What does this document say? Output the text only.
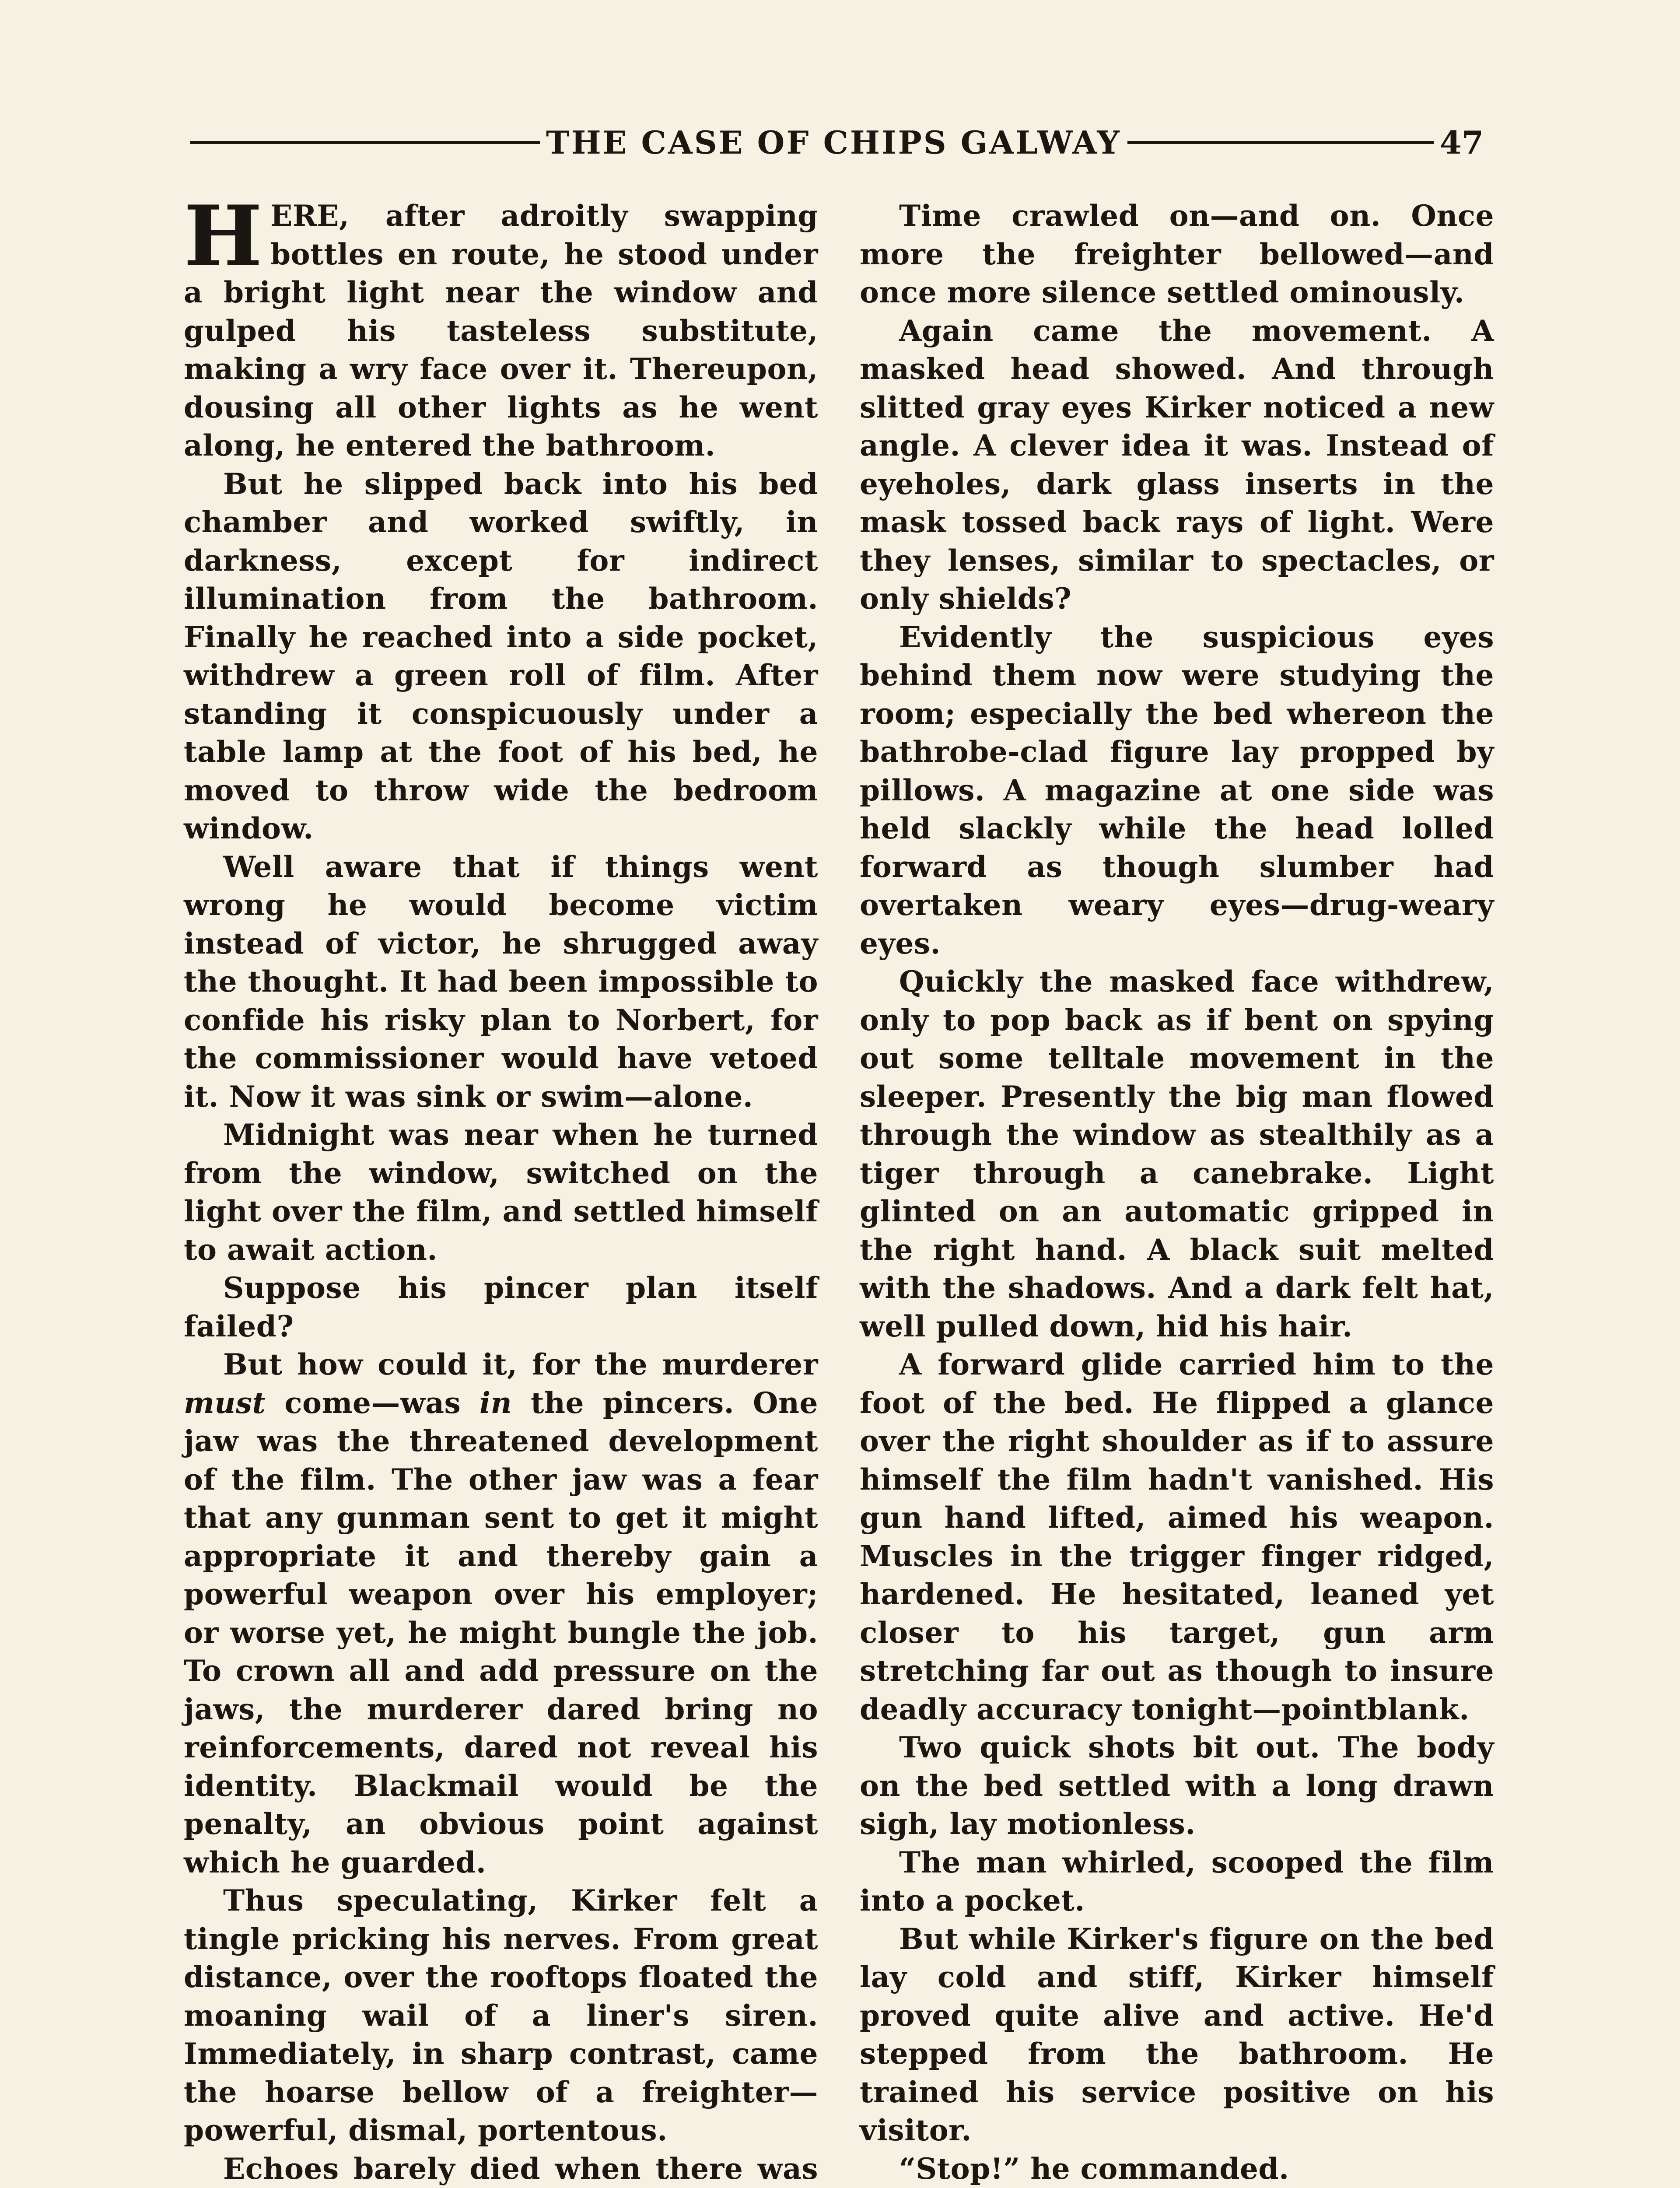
THE CASE OF CHIPS GALWAY	47

HERE, after adroitly swapping bottles en route, he stood under a bright light near the window and gulped his tasteless substitute, making a wry face over it. Thereupon, dousing all other lights as he went along, he entered the bathroom.

But he slipped back into his bed chamber and worked swiftly, in darkness, except for indirect illumination from the bathroom. Finally he reached into a side pocket, withdrew a green roll of film. After standing it conspicuously under a table lamp at the foot of his bed, he moved to throw wide the bedroom window.

Well aware that if things went wrong he would become victim instead of victor, he shrugged away the thought. It had been impossible to confide his risky plan to Norbert, for the commissioner would have vetoed it. Now it was sink or swim—alone.

Midnight was near when he turned from the window, switched on the light over the film, and settled himself to await action.

Suppose his pincer plan itself failed?

But how could it, for the murderer must come—was in the pincers. One jaw was the threatened development of the film. The other jaw was a fear that any gunman sent to get it might appropriate it and thereby gain a powerful weapon over his employer; or worse yet, he might bungle the job. To crown all and add pressure on the jaws, the murderer dared bring no reinforcements, dared not reveal his identity. Blackmail would be the penalty, an obvious point against which he guarded.

Thus speculating, Kirker felt a tingle pricking his nerves. From great distance, over the rooftops floated the moaning wail of a liner's siren. Immediately, in sharp contrast, came the hoarse bellow of a freighter—powerful, dismal, portentous.

Echoes barely died when there was

Time crawled on—and on. Once more the freighter bellowed—and once more silence settled ominously.

Again came the movement. A masked head showed. And through slitted gray eyes Kirker noticed a new angle. A clever idea it was. Instead of eyeholes, dark glass inserts in the mask tossed back rays of light. Were they lenses, similar to spectacles, or only shields?

Evidently the suspicious eyes behind them now were studying the room; especially the bed whereon the bathrobe-clad figure lay propped by pillows. A magazine at one side was held slackly while the head lolled forward as though slumber had overtaken weary eyes—drug-weary eyes.

Quickly the masked face withdrew, only to pop back as if bent on spying out some telltale movement in the sleeper. Presently the big man flowed through the window as stealthily as a tiger through a canebrake. Light glinted on an automatic gripped in the right hand. A black suit melted with the shadows. And a dark felt hat, well pulled down, hid his hair.

A forward glide carried him to the foot of the bed. He flipped a glance over the right shoulder as if to assure himself the film hadn't vanished. His gun hand lifted, aimed his weapon. Muscles in the trigger finger ridged, hardened. He hesitated, leaned yet closer to his target, gun arm stretching far out as though to insure deadly accuracy tonight—pointblank.

Two quick shots bit out. The body on the bed settled with a long drawn sigh, lay motionless.

The man whirled, scooped the film into a pocket.

But while Kirker's figure on the bed lay cold and stiff, Kirker himself proved quite alive and active. He'd stepped from the bathroom. He trained his service positive on his visitor.

“Stop!” he commanded.
